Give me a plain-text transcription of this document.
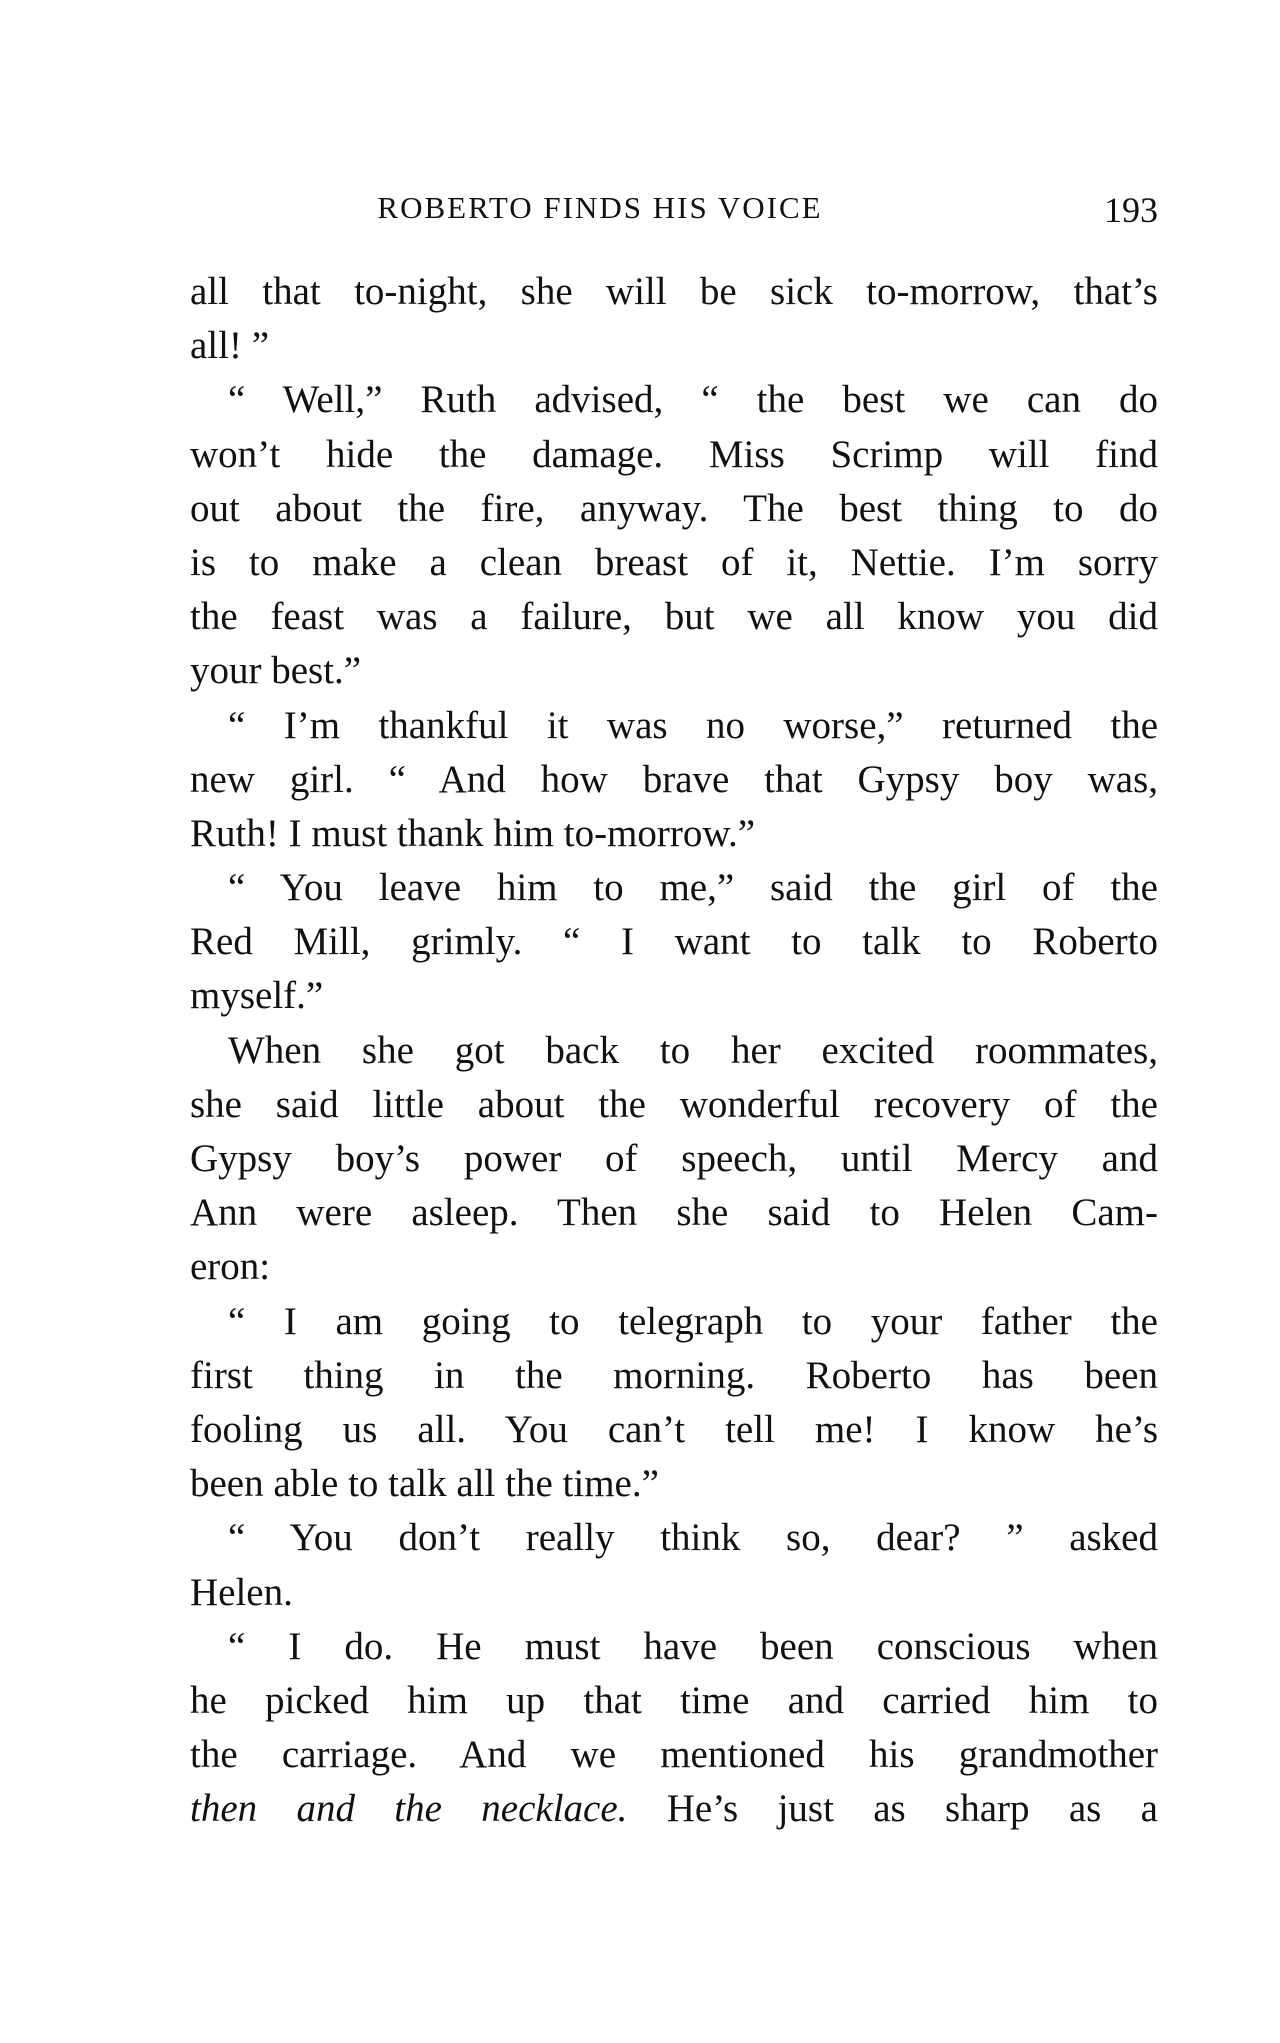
ROBERTO FINDS HIS VOICE	193
all that to-night, she will be sick to-morrow, that’s
all! ”
“ Well,” Ruth advised, “ the best we can do
won’t hide the damage. Miss Scrimp will find
out about the fire, anyway. The best thing to do
is to make a clean breast of it, Nettie. I’m sorry
the feast was a failure, but we all know you did
your best.”
“ I’m thankful it was no worse,” returned the
new girl. “ And how brave that Gypsy boy was,
Ruth! I must thank him to-morrow.”
“ You leave him to me,” said the girl of the
Red Mill, grimly. “ I want to talk to Roberto
myself.”
When she got back to her excited roommates,
she said little about the wonderful recovery of the
Gypsy boy’s power of speech, until Mercy and
Ann were asleep. Then she said to Helen Cam-
eron:
“ I am going to telegraph to your father the
first thing in the morning. Roberto has been
fooling us all. You can’t tell me! I know he’s
been able to talk all the time.”
“ You don’t really think so, dear? ” asked
Helen.
“ I do. He must have been conscious when
he picked him up that time and carried him to
the carriage. And we mentioned his grandmother
then and the necklace. He’s just as sharp as a
